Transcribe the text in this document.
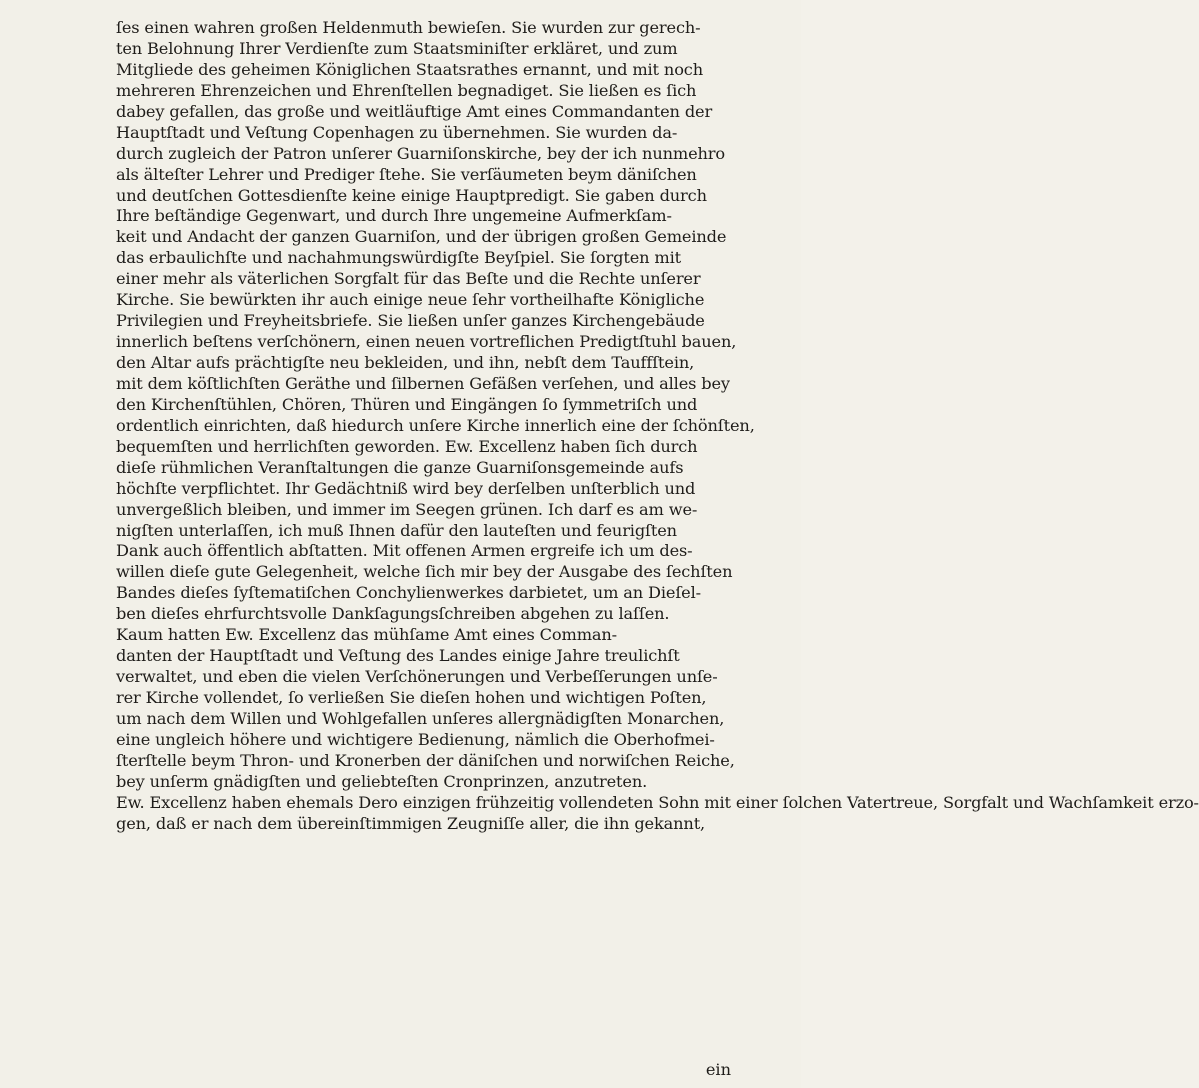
ſes einen wahren großen Heldenmuth bewieſen. Sie wurden zur gerech-
ten Belohnung Ihrer Verdienſte zum Staatsminiſter erkläret, und zum
Mitgliede des geheimen Königlichen Staatsrathes ernannt, und mit noch
mehreren Ehrenzeichen und Ehrenſtellen begnadiget. Sie ließen es ſich
dabey gefallen, das große und weitläuftige Amt eines Commandanten der
Hauptſtadt und Veſtung Copenhagen zu übernehmen. Sie wurden da-
durch zugleich der Patron unſerer Guarniſonskirche, bey der ich nunmehro
als älteſter Lehrer und Prediger ſtehe. Sie verſäumeten beym däniſchen
und deutſchen Gottesdienſte keine einige Hauptpredigt. Sie gaben durch
Ihre beſtändige Gegenwart, und durch Ihre ungemeine Aufmerkſam-
keit und Andacht der ganzen Guarniſon, und der übrigen großen Gemeinde
das erbaulichſte und nachahmungswürdigſte Beyſpiel. Sie ſorgten mit
einer mehr als väterlichen Sorgfalt für das Beſte und die Rechte unſerer
Kirche. Sie bewürkten ihr auch einige neue ſehr vortheilhafte Königliche
Privilegien und Freyheitsbriefe. Sie ließen unſer ganzes Kirchengebäude
innerlich beſtens verſchönern, einen neuen vortreflichen Predigtſtuhl bauen,
den Altar aufs prächtigſte neu bekleiden, und ihn, nebſt dem Tauffſtein,
mit dem köſtlichſten Geräthe und ſilbernen Gefäßen verſehen, und alles bey
den Kirchenſtühlen, Chören, Thüren und Eingängen ſo ſymmetriſch und
ordentlich einrichten, daß hiedurch unſere Kirche innerlich eine der ſchönſten,
bequemſten und herrlichſten geworden. Ew. Excellenz haben ſich durch
dieſe rühmlichen Veranſtaltungen die ganze Guarniſonsgemeinde aufs
höchſte verpflichtet. Ihr Gedächtniß wird bey derſelben unſterblich und
unvergeßlich bleiben, und immer im Seegen grünen. Ich darf es am we-
nigſten unterlaſſen, ich muß Ihnen dafür den lauteſten und feurigſten
Dank auch öffentlich abſtatten. Mit offenen Armen ergreife ich um des-
willen dieſe gute Gelegenheit, welche ſich mir bey der Ausgabe des ſechſten
Bandes dieſes ſyſtematiſchen Conchylienwerkes darbietet, um an Dieſel-
ben dieſes ehrfurchtsvolle Dankſagungsſchreiben abgehen zu laſſen.
Kaum hatten Ew. Excellenz das mühſame Amt eines Comman-
danten der Hauptſtadt und Veſtung des Landes einige Jahre treulichſt
verwaltet, und eben die vielen Verſchönerungen und Verbeſſerungen unſe-
rer Kirche vollendet, ſo verließen Sie dieſen hohen und wichtigen Poſten,
um nach dem Willen und Wohlgefallen unſeres allergnädigſten Monarchen,
eine ungleich höhere und wichtigere Bedienung, nämlich die Oberhofmei-
ſterſtelle beym Thron- und Kronerben der däniſchen und norwiſchen Reiche,
bey unſerm gnädigſten und geliebteſten Cronprinzen, anzutreten.
Ew. Excellenz haben ehemals Dero einzigen frühzeitig vollendeten Sohn mit einer ſolchen Vatertreue, Sorgfalt und Wachſamkeit erzo-
gen, daß er nach dem übereinſtimmigen Zeugniſſe aller, die ihn gekannt,
ein
